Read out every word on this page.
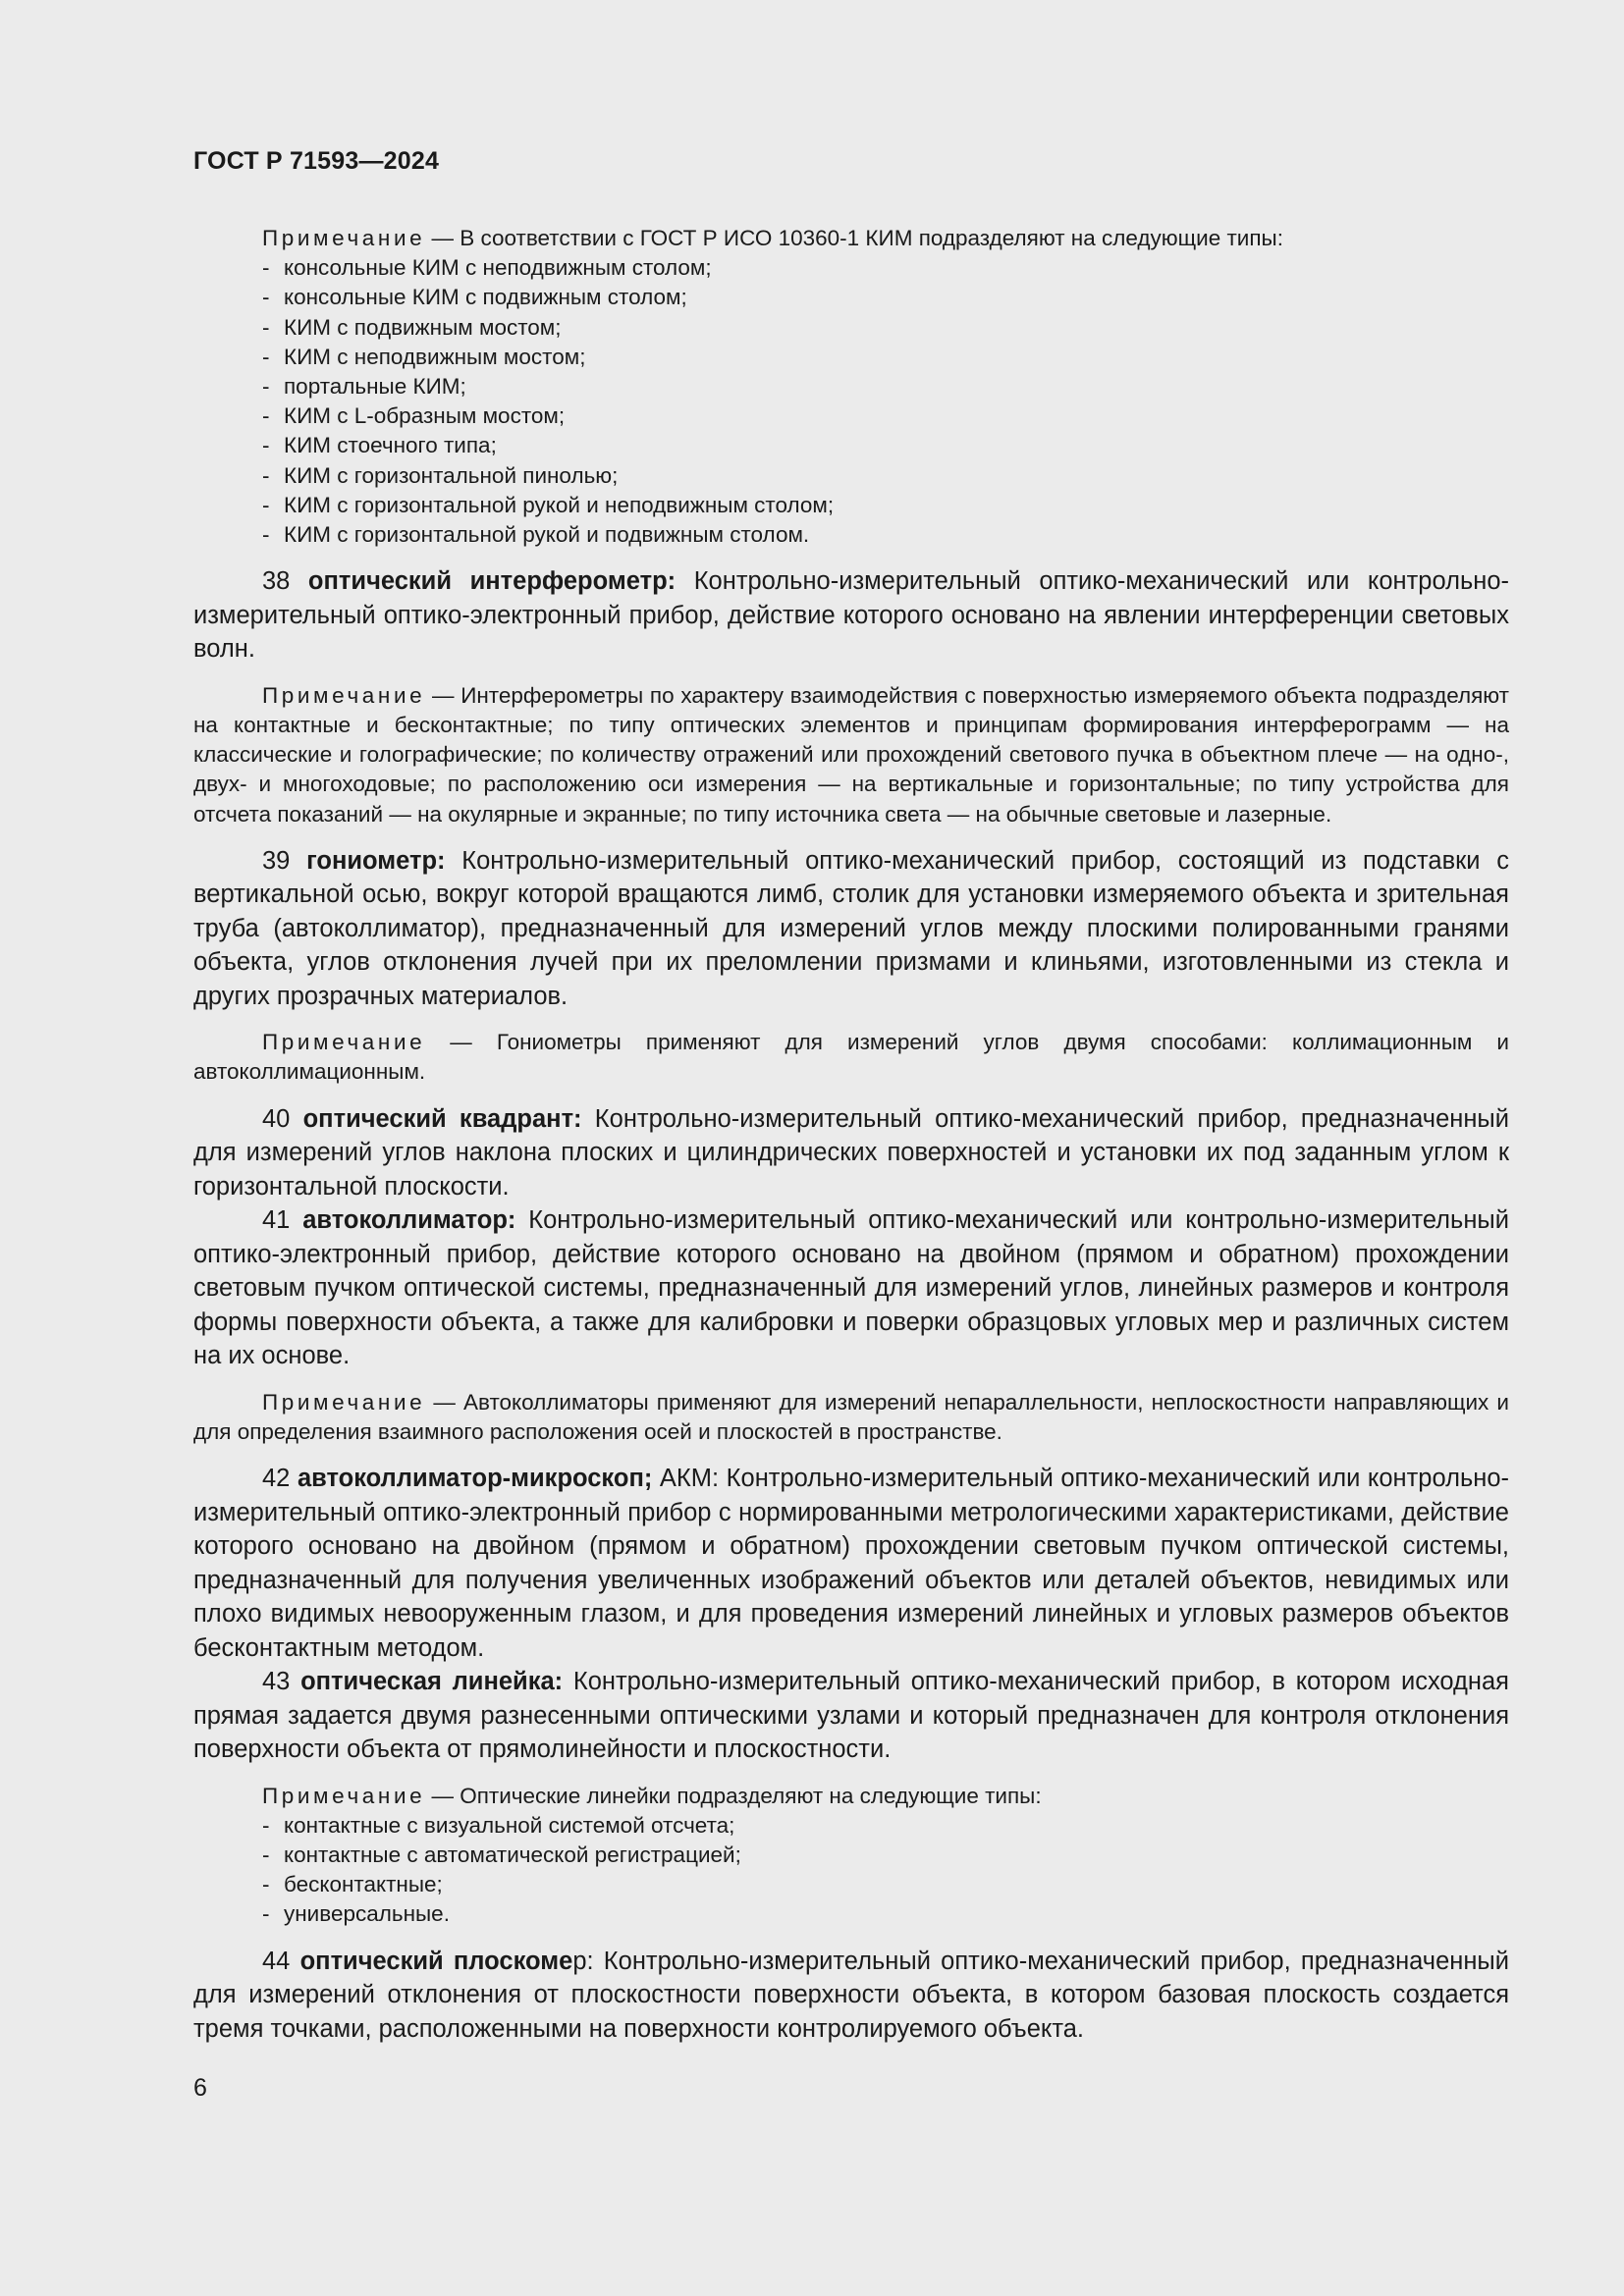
ГОСТ Р 71593—2024

Примечание — В соответствии с ГОСТ Р ИСО 10360-1 КИМ подразделяют на следующие типы:

- консольные КИМ с неподвижным столом;
- консольные КИМ с подвижным столом;
- КИМ с подвижным мостом;
- КИМ с неподвижным мостом;
- портальные КИМ;
- КИМ с L-образным мостом;
- КИМ стоечного типа;
- КИМ с горизонтальной пинолью;
- КИМ с горизонтальной рукой и неподвижным столом;
- КИМ с горизонтальной рукой и подвижным столом.

38 оптический интерферометр: Контрольно-измерительный оптико-механический или контрольно-измерительный оптико-электронный прибор, действие которого основано на явлении интерференции световых волн.

Примечание — Интерферометры по характеру взаимодействия с поверхностью измеряемого объекта подразделяют на контактные и бесконтактные; по типу оптических элементов и принципам формирования интерферограмм — на классические и голографические; по количеству отражений или прохождений светового пучка в объектном плече — на одно-, двух- и многоходовые; по расположению оси измерения — на вертикальные и горизонтальные; по типу устройства для отсчета показаний — на окулярные и экранные; по типу источника света — на обычные световые и лазерные.

39 гониометр: Контрольно-измерительный оптико-механический прибор, состоящий из подставки с вертикальной осью, вокруг которой вращаются лимб, столик для установки измеряемого объекта и зрительная труба (автоколлиматор), предназначенный для измерений углов между плоскими полированными гранями объекта, углов отклонения лучей при их преломлении призмами и клиньями, изготовленными из стекла и других прозрачных материалов.

Примечание — Гониометры применяют для измерений углов двумя способами: коллимационным и автоколлимационным.

40 оптический квадрант: Контрольно-измерительный оптико-механический прибор, предназначенный для измерений углов наклона плоских и цилиндрических поверхностей и установки их под заданным углом к горизонтальной плоскости.

41 автоколлиматор: Контрольно-измерительный оптико-механический или контрольно-измерительный оптико-электронный прибор, действие которого основано на двойном (прямом и обратном) прохождении световым пучком оптической системы, предназначенный для измерений углов, линейных размеров и контроля формы поверхности объекта, а также для калибровки и поверки образцовых угловых мер и различных систем на их основе.

Примечание — Автоколлиматоры применяют для измерений непараллельности, неплоскостности направляющих и для определения взаимного расположения осей и плоскостей в пространстве.

42 автоколлиматор-микроскоп; АКМ: Контрольно-измерительный оптико-механический или контрольно-измерительный оптико-электронный прибор с нормированными метрологическими характеристиками, действие которого основано на двойном (прямом и обратном) прохождении световым пучком оптической системы, предназначенный для получения увеличенных изображений объектов или деталей объектов, невидимых или плохо видимых невооруженным глазом, и для проведения измерений линейных и угловых размеров объектов бесконтактным методом.

43 оптическая линейка: Контрольно-измерительный оптико-механический прибор, в котором исходная прямая задается двумя разнесенными оптическими узлами и который предназначен для контроля отклонения поверхности объекта от прямолинейности и плоскостности.

Примечание — Оптические линейки подразделяют на следующие типы:

- контактные с визуальной системой отсчета;
- контактные с автоматической регистрацией;
- бесконтактные;
- универсальные.

44 оптический плоскомер: Контрольно-измерительный оптико-механический прибор, предназначенный для измерений отклонения от плоскостности поверхности объекта, в котором базовая плоскость создается тремя точками, расположенными на поверхности контролируемого объекта.

6
